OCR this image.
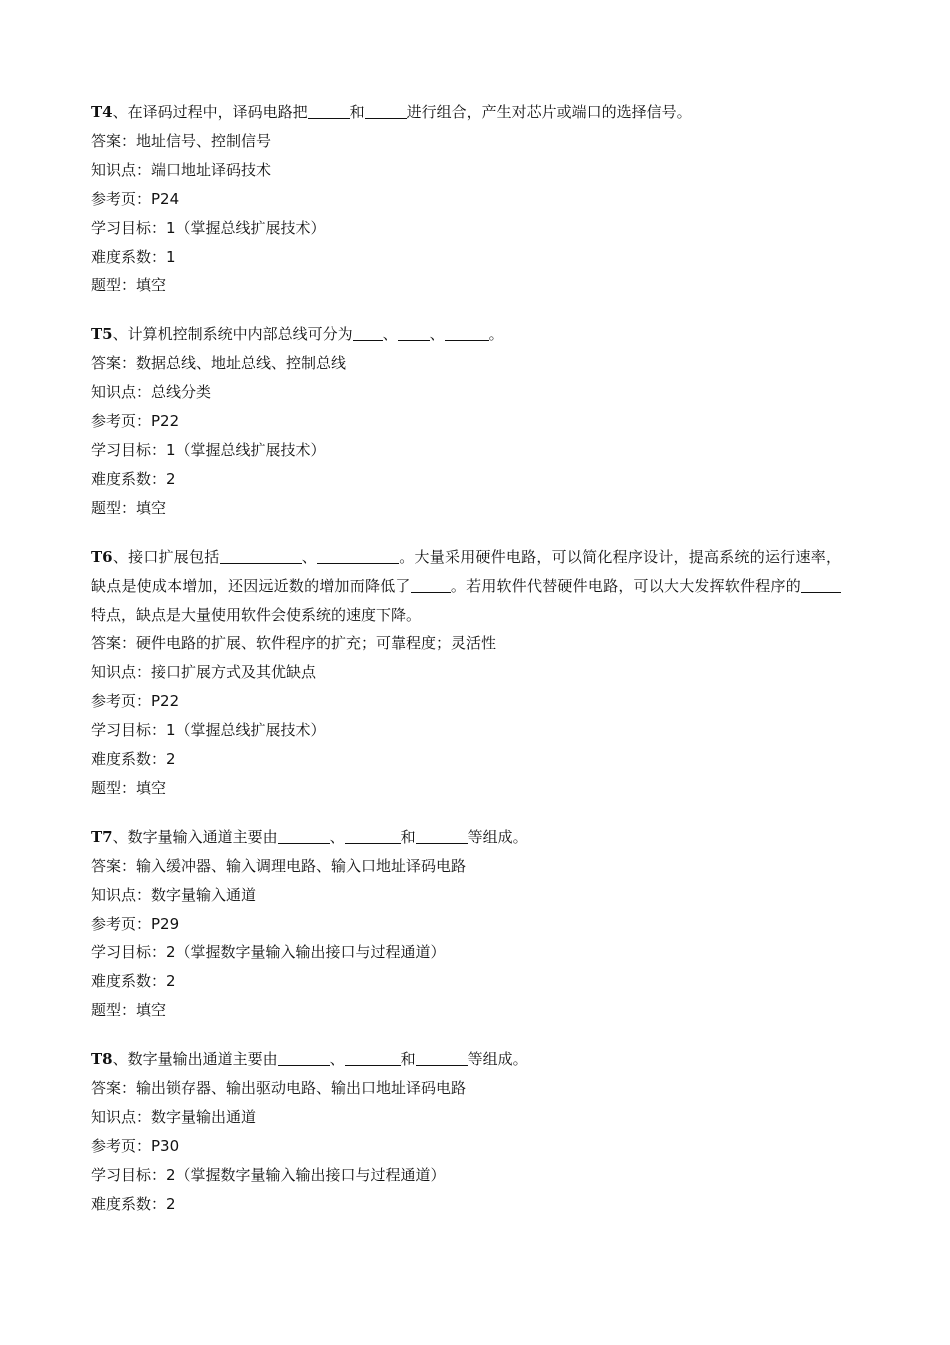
T4、在译码过程中，译码电路把	和	进行组合，产生对芯片或端口的选择信号。
答案：地址信号、控制信号
知识点：端口地址译码技术
参考页：P24
学习目标：1（掌握总线扩展技术）
难度系数：1
题型：填空
T5、计算机控制系统中内部总线可分为 、 、	。
答案：数据总线、地址总线、控制总线
知识点：总线分类
参考页：P22
学习目标：1（掌握总线扩展技术）
难度系数：2
题型：填空
T6、接口扩展包括	、	。大量采用硬件电路，可以简化程序设计，提高系统的运行速率，缺点是使成本增加，还因远近数的增加而降低了	。若用软件代替硬件电路，可以大大发挥软件程序的特点，缺点是大量使用软件会使系统的速度下降。
答案：硬件电路的扩展、软件程序的扩充；可靠程度；灵活性
知识点：接口扩展方式及其优缺点
参考页：P22
学习目标：1（掌握总线扩展技术）
难度系数：2
题型：填空
T7、数字量输入通道主要由	、	和	等组成。
答案：输入缓冲器、输入调理电路、输入口地址译码电路
知识点：数字量输入通道
参考页：P29
学习目标：2（掌握数字量输入输出接口与过程通道）
难度系数：2
题型：填空
T8、数字量输出通道主要由	、	和	等组成。
答案：输出锁存器、输出驱动电路、输出口地址译码电路
知识点：数字量输出通道
参考页：P30
学习目标：2（掌握数字量输入输出接口与过程通道）
难度系数：2
